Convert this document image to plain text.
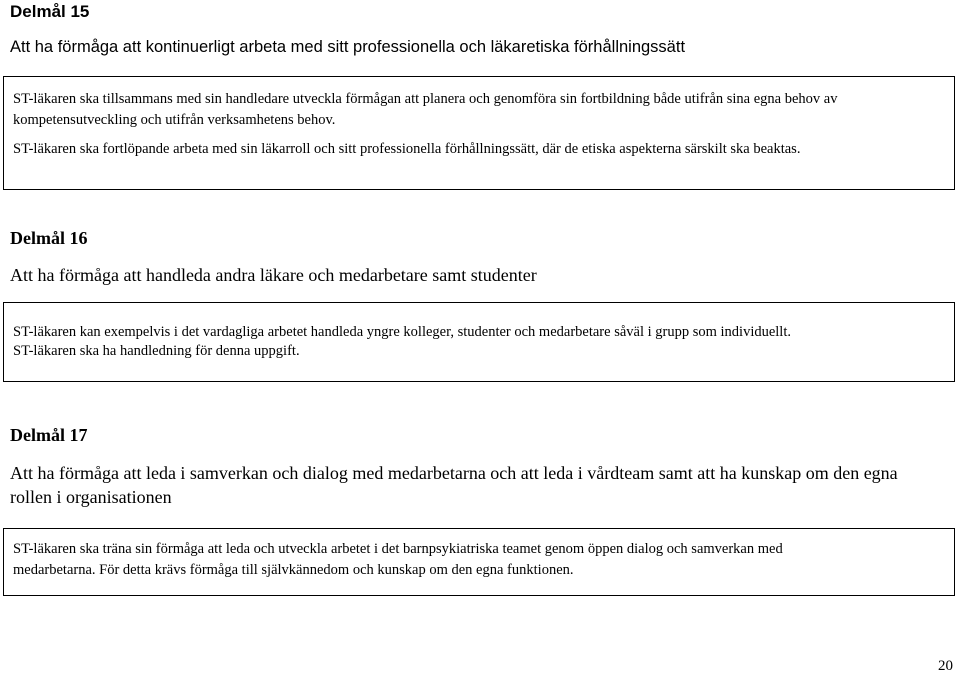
Delmål 15
Att ha förmåga att kontinuerligt arbeta med sitt professionella och läkaretiska förhållningssätt

ST-läkaren ska tillsammans med sin handledare utveckla förmågan att planera och genomföra sin fortbildning både utifrån sina egna behov av kompetensutveckling och utifrån verksamhetens behov.

ST-läkaren ska fortlöpande arbeta med sin läkarroll och sitt professionella förhållningssätt, där de etiska aspekterna särskilt ska beaktas.

Delmål 16
Att ha förmåga att handleda andra läkare och medarbetare samt studenter

ST-läkaren kan exempelvis i det vardagliga arbetet handleda yngre kolleger, studenter och medarbetare såväl i grupp som individuellt.

ST-läkaren ska ha handledning för denna uppgift.

Delmål 17
Att ha förmåga att leda i samverkan och dialog med medarbetarna och att leda i vårdteam samt att ha kunskap om den egna
rollen i organisationen
ST-läkaren ska träna sin förmåga att leda och utveckla arbetet i det barnpsykiatriska teamet genom öppen dialog och samverkan med
medarbetarna. För detta krävs förmåga till självkännedom och kunskap om den egna funktionen.
20
